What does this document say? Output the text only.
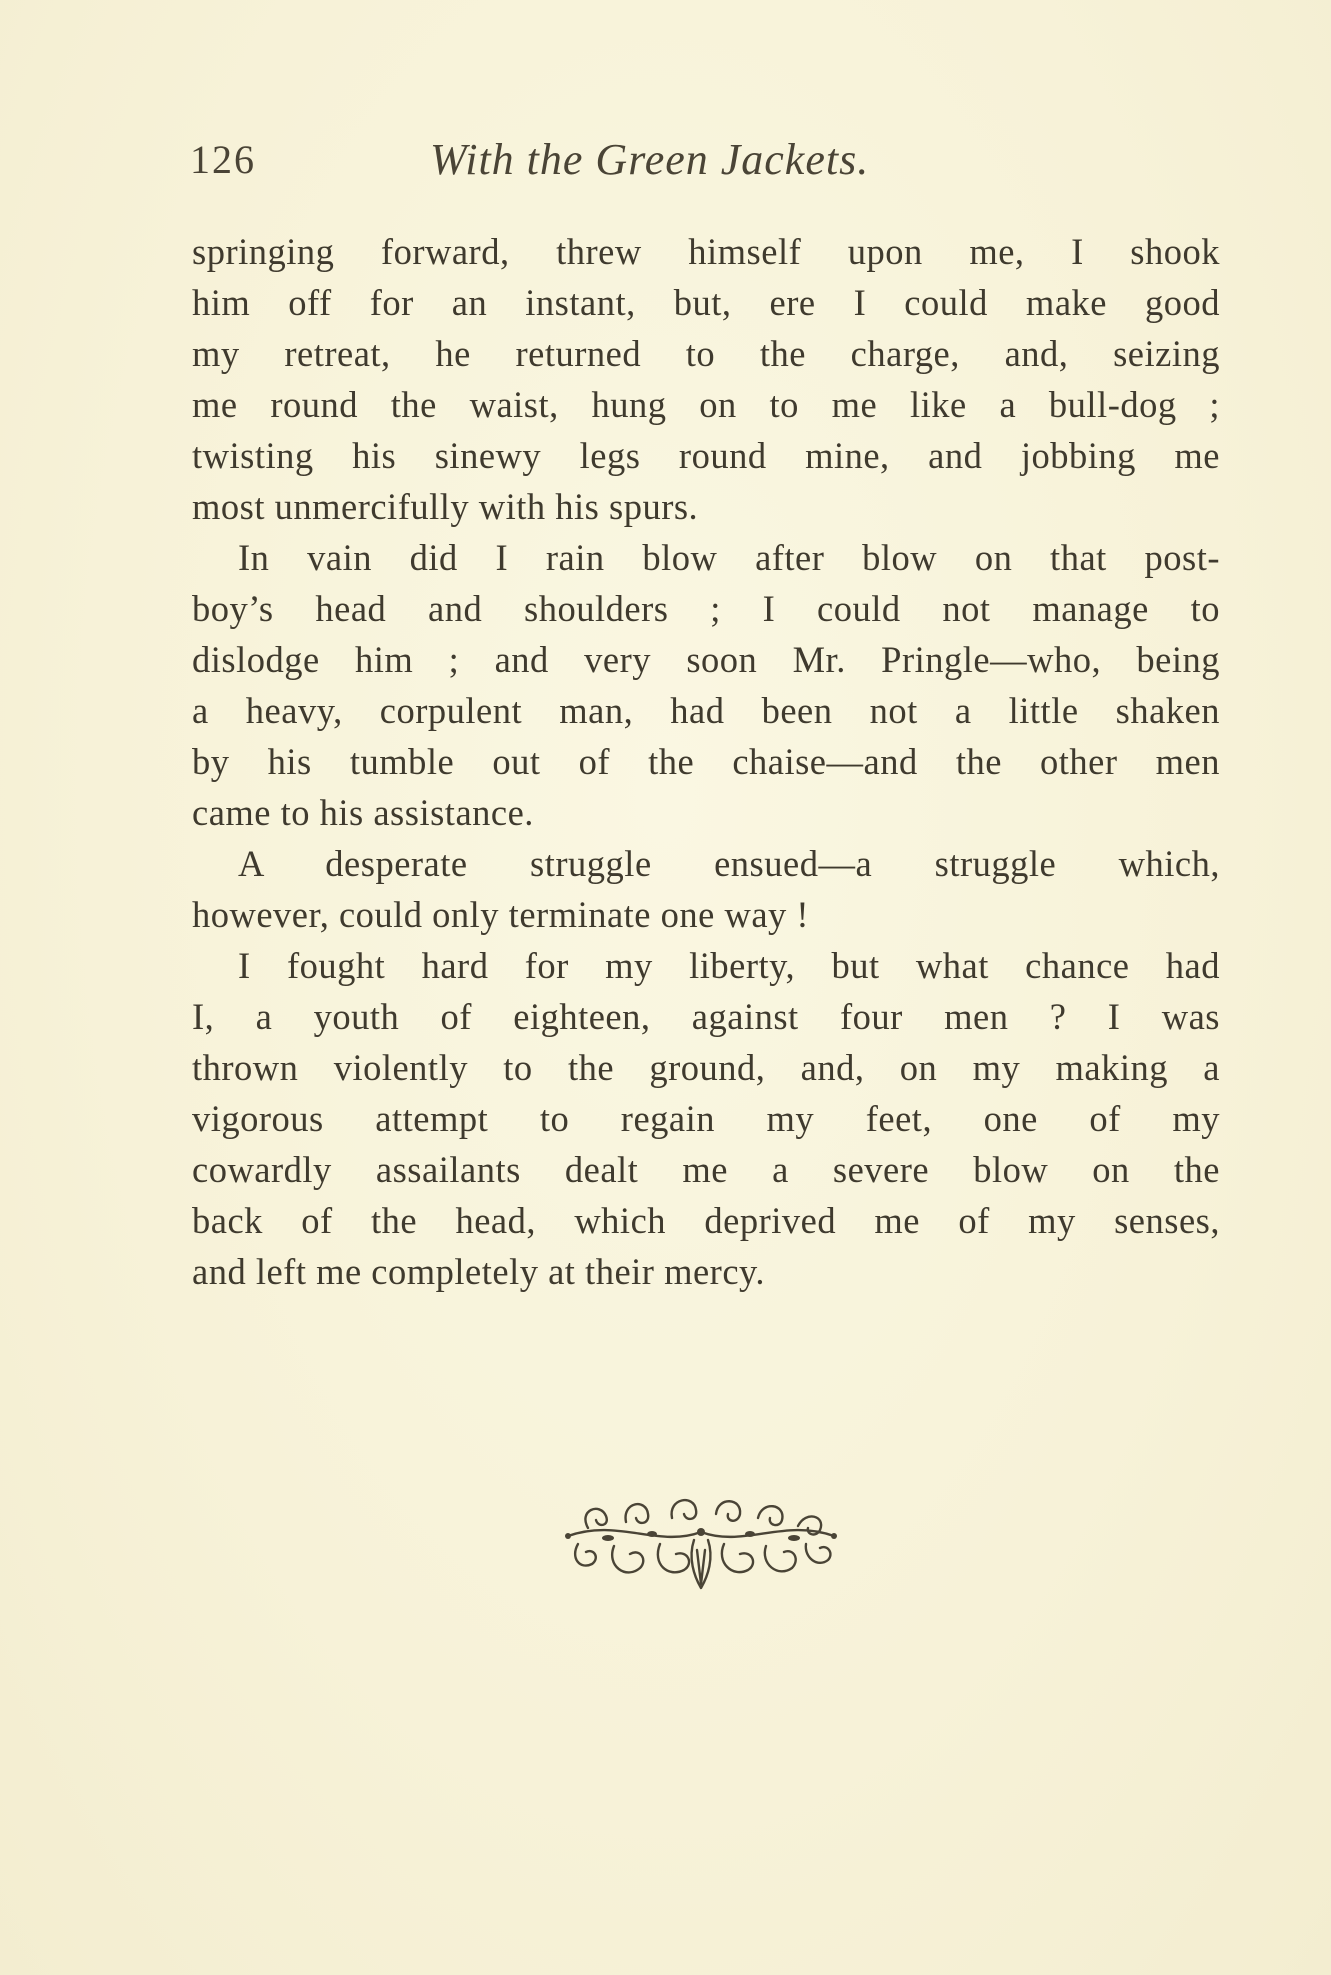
126	With the Green Jackets.
springing forward, threw himself upon me, I shook
him off for an instant, but, ere I could make good
my retreat, he returned to the charge, and, seizing
me round the waist, hung on to me like a bull-dog ;
twisting his sinewy legs round mine, and jobbing me
most unmercifully with his spurs.
In vain did I rain blow after blow on that post-
boy’s head and shoulders ; I could not manage to
dislodge him ; and very soon Mr. Pringle—who, being
a heavy, corpulent man, had been not a little shaken
by his tumble out of the chaise—and the other men
came to his assistance.
A desperate struggle ensued—a struggle which,
however, could only terminate one way !
I fought hard for my liberty, but what chance had
I, a youth of eighteen, against four men ? I was
thrown violently to the ground, and, on my making a
vigorous attempt to regain my feet, one of my
cowardly assailants dealt me a severe blow on the
back of the head, which deprived me of my senses,
and left me completely at their mercy.
